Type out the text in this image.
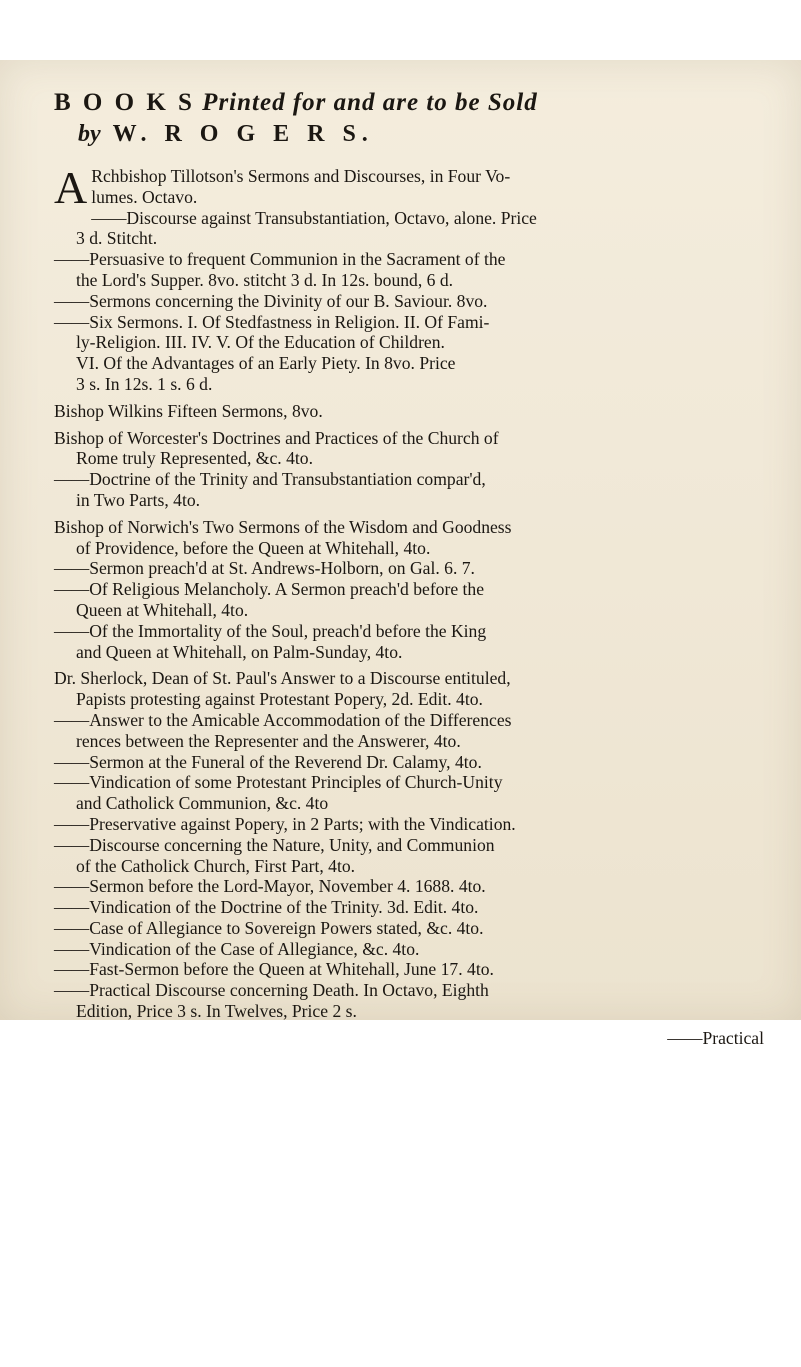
B O O K S Printed for and are to be Sold
by W. R O G E R S.
A Rchbishop Tillotson's Sermons and Discourses, in Four Vo-
lumes. Octavo.
——Discourse against Transubstantiation, Octavo, alone. Price
3 d. Stitcht.
——Persuasive to frequent Communion in the Sacrament of the
the Lord's Supper. 8vo. stitcht 3 d. In 12s. bound, 6 d.
——Sermons concerning the Divinity of our B. Saviour. 8vo.
——Six Sermons. I. Of Stedfastness in Religion. II. Of Fami-
ly-Religion. III. IV. V. Of the Education of Children.
VI. Of the Advantages of an Early Piety. In 8vo. Price
3 s. In 12s. 1 s. 6 d.
Bishop Wilkins Fifteen Sermons, 8vo.
Bishop of Worcester's Doctrines and Practices of the Church of
Rome truly Represented, &c. 4to.
——Doctrine of the Trinity and Transubstantiation compar'd,
in Two Parts, 4to.
Bishop of Norwich's Two Sermons of the Wisdom and Goodness
of Providence, before the Queen at Whitehall, 4to.
——Sermon preach'd at St. Andrews-Holborn, on Gal. 6. 7.
——Of Religious Melancholy. A Sermon preach'd before the
Queen at Whitehall, 4to.
——Of the Immortality of the Soul, preach'd before the King
and Queen at Whitehall, on Palm-Sunday, 4to.
Dr. Sherlock, Dean of St. Paul's Answer to a Discourse entituled,
Papists protesting against Protestant Popery, 2d. Edit. 4to.
——Answer to the Amicable Accommodation of the Differences
rences between the Representer and the Answerer, 4to.
——Sermon at the Funeral of the Reverend Dr. Calamy, 4to.
——Vindication of some Protestant Principles of Church-Unity
and Catholick Communion, &c. 4to
——Preservative against Popery, in 2 Parts; with the Vindication.
——Discourse concerning the Nature, Unity, and Communion
of the Catholick Church, First Part, 4to.
——Sermon before the Lord-Mayor, November 4. 1688. 4to.
——Vindication of the Doctrine of the Trinity. 3d. Edit. 4to.
——Case of Allegiance to Sovereign Powers stated, &c. 4to.
——Vindication of the Case of Allegiance, &c. 4to.
——Fast-Sermon before the Queen at Whitehall, June 17. 4to.
——Practical Discourse concerning Death. In Octavo, Eighth
Edition, Price 3 s. In Twelves, Price 2 s.
——Practical
